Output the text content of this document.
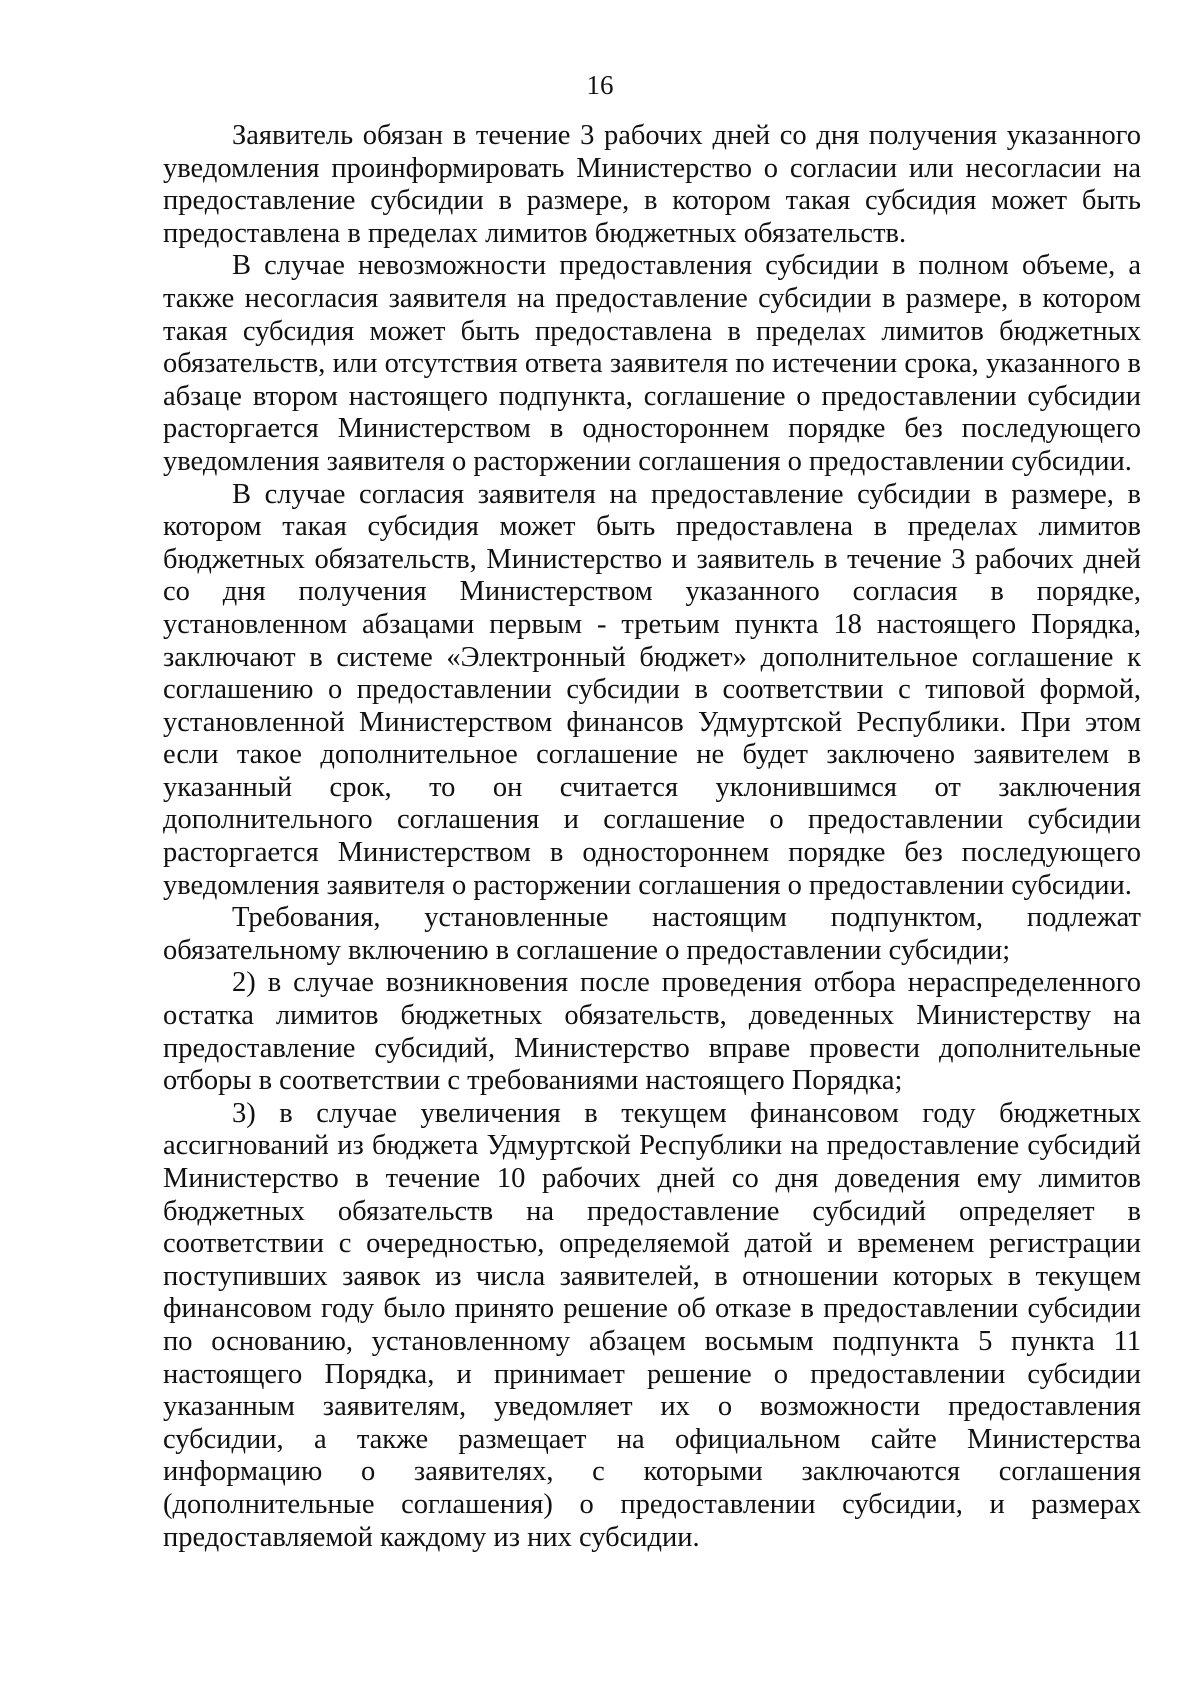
16

Заявитель обязан в течение 3 рабочих дней со дня получения указанного уведомления проинформировать Министерство о согласии или несогласии на предоставление субсидии в размере, в котором такая субсидия может быть предоставлена в пределах лимитов бюджетных обязательств.

В случае невозможности предоставления субсидии в полном объеме, а также несогласия заявителя на предоставление субсидии в размере, в котором такая субсидия может быть предоставлена в пределах лимитов бюджетных обязательств, или отсутствия ответа заявителя по истечении срока, указанного в абзаце втором настоящего подпункта, соглашение о предоставлении субсидии расторгается Министерством в одностороннем порядке без последующего уведомления заявителя о расторжении соглашения о предоставлении субсидии.

В случае согласия заявителя на предоставление субсидии в размере, в котором такая субсидия может быть предоставлена в пределах лимитов бюджетных обязательств, Министерство и заявитель в течение 3 рабочих дней со дня получения Министерством указанного согласия в порядке, установленном абзацами первым - третьим пункта 18 настоящего Порядка, заключают в системе «Электронный бюджет» дополнительное соглашение к соглашению о предоставлении субсидии в соответствии с типовой формой, установленной Министерством финансов Удмуртской Республики. При этом если такое дополнительное соглашение не будет заключено заявителем в указанный срок, то он считается уклонившимся от заключения дополнительного соглашения и соглашение о предоставлении субсидии расторгается Министерством в одностороннем порядке без последующего уведомления заявителя о расторжении соглашения о предоставлении субсидии.

Требования, установленные настоящим подпунктом, подлежат обязательному включению в соглашение о предоставлении субсидии;

2) в случае возникновения после проведения отбора нераспределенного остатка лимитов бюджетных обязательств, доведенных Министерству на предоставление субсидий, Министерство вправе провести дополнительные отборы в соответствии с требованиями настоящего Порядка;

3) в случае увеличения в текущем финансовом году бюджетных ассигнований из бюджета Удмуртской Республики на предоставление субсидий Министерство в течение 10 рабочих дней со дня доведения ему лимитов бюджетных обязательств на предоставление субсидий определяет в соответствии с очередностью, определяемой датой и временем регистрации поступивших заявок из числа заявителей, в отношении которых в текущем финансовом году было принято решение об отказе в предоставлении субсидии по основанию, установленному абзацем восьмым подпункта 5 пункта 11 настоящего Порядка, и принимает решение о предоставлении субсидии указанным заявителям, уведомляет их о возможности предоставления субсидии, а также размещает на официальном сайте Министерства информацию о заявителях, с которыми заключаются соглашения (дополнительные соглашения) о предоставлении субсидии, и размерах предоставляемой каждому из них субсидии.
